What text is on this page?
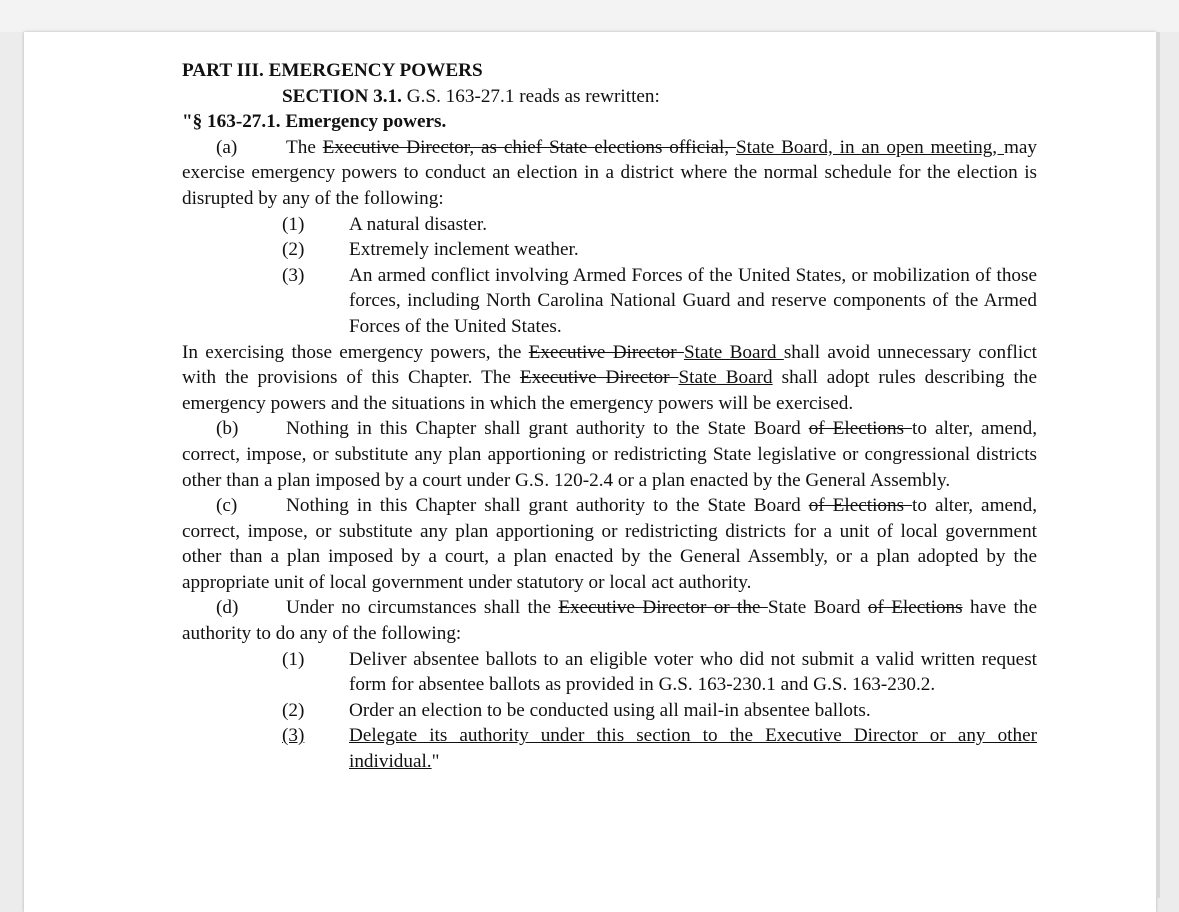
PART III. EMERGENCY POWERS

SECTION 3.1. G.S. 163-27.1 reads as rewritten:

"§ 163-27.1. Emergency powers.

(a)	The Executive Director, as chief State elections official, State Board, in an open meeting, may exercise emergency powers to conduct an election in a district where the normal schedule for the election is disrupted by any of the following:

(1)	A natural disaster.
(2)	Extremely inclement weather.
(3)	An armed conflict involving Armed Forces of the United States, or mobilization of those forces, including North Carolina National Guard and reserve components of the Armed Forces of the United States.

In exercising those emergency powers, the Executive Director State Board shall avoid unnecessary conflict with the provisions of this Chapter. The Executive Director State Board shall adopt rules describing the emergency powers and the situations in which the emergency powers will be exercised.

(b) Nothing in this Chapter shall grant authority to the State Board of Elections to alter, amend, correct, impose, or substitute any plan apportioning or redistricting State legislative or congressional districts other than a plan imposed by a court under G.S. 120-2.4 or a plan enacted by the General Assembly.

(c)	Nothing in this Chapter shall grant authority to the State Board of Elections to alter, amend, correct, impose, or substitute any plan apportioning or redistricting districts for a unit of local government other than a plan imposed by a court, a plan enacted by the General Assembly, or a plan adopted by the appropriate unit of local government under statutory or local act authority.

(d) Under no circumstances shall the Executive Director or the State Board of Elections have the authority to do any of the following:

(1)	Deliver absentee ballots to an eligible voter who did not submit a valid written request form for absentee ballots as provided in G.S. 163-230.1 and G.S. 163-230.2.
(2)	Order an election to be conducted using all mail-in absentee ballots.
(3)	Delegate its authority under this section to the Executive Director or any other individual."
